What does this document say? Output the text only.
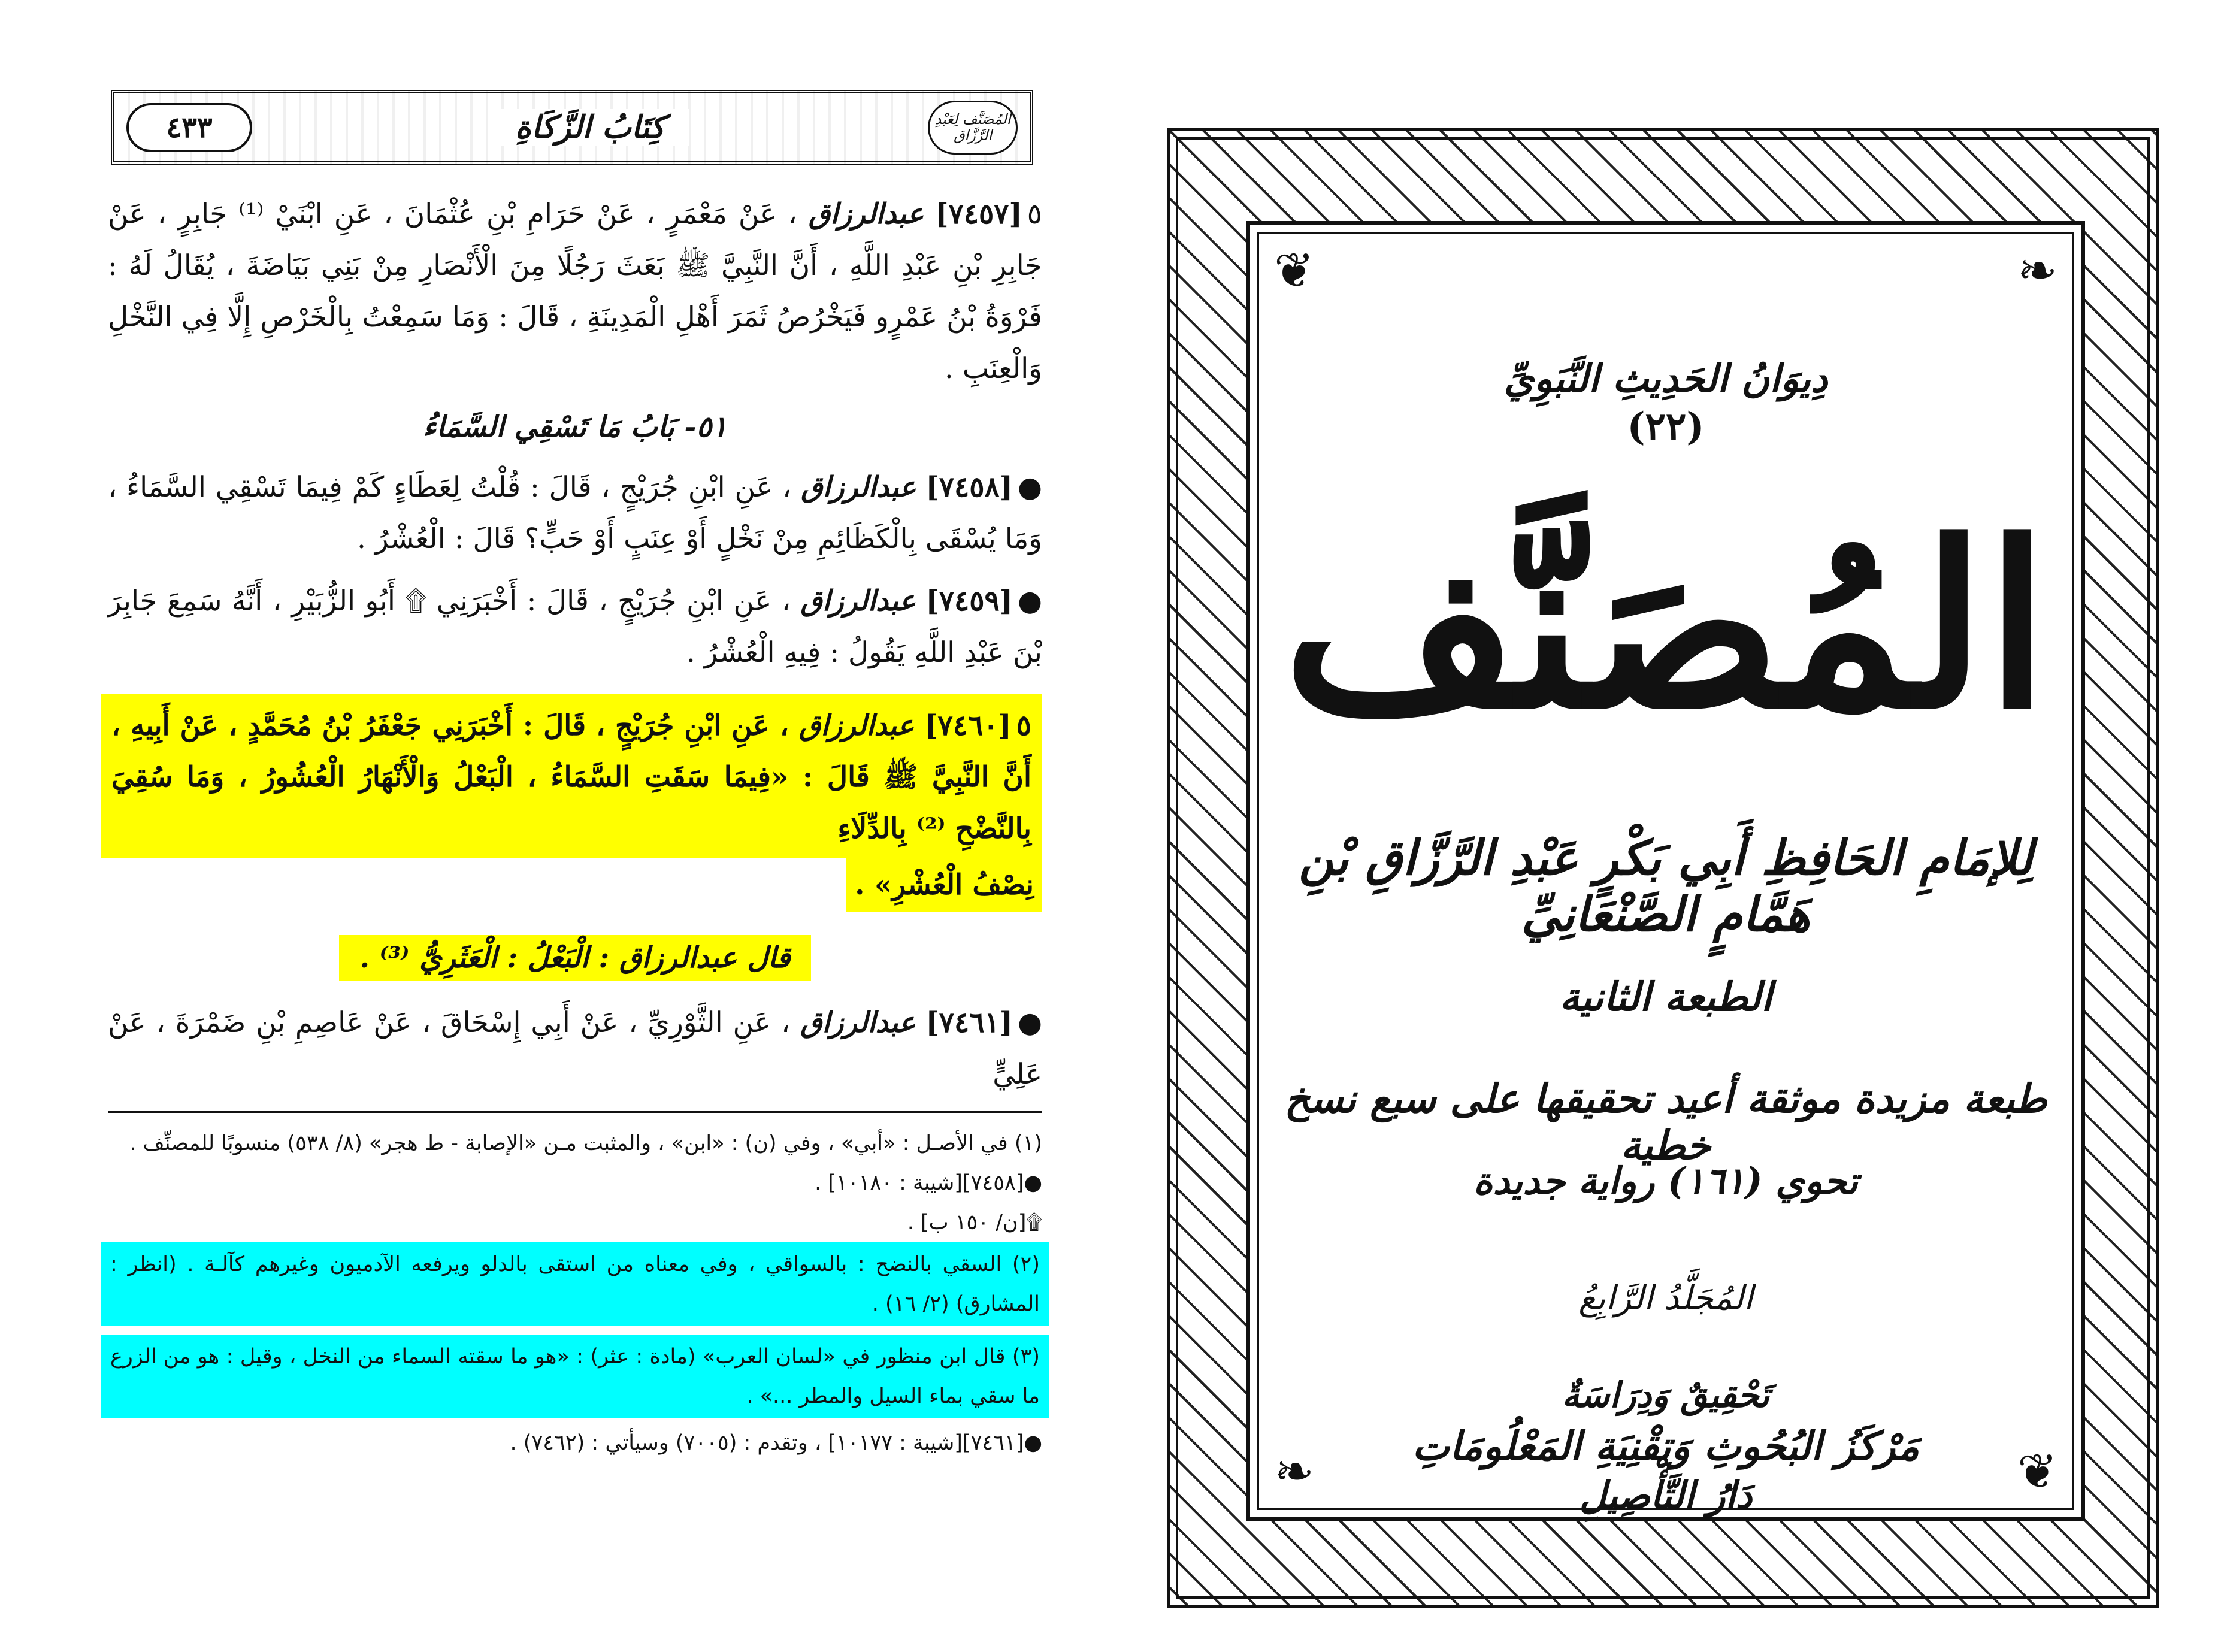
٤٣٣	كِتَابُ الزَّكَاةِ	المُصَنَّف لِعَبْدِ الرَّزَّاق

٥[٧٤٥٧] عبدالرزاق ، عَنْ مَعْمَرٍ ، عَنْ حَرَامِ بْنِ عُثْمَانَ ، عَنِ ابْنَيْ ⁽¹⁾ جَابِرٍ ، عَنْ جَابِرِ بْنِ عَبْدِ اللَّهِ ، أَنَّ النَّبِيَّ ﷺ بَعَثَ رَجُلًا مِنَ الْأَنْصَارِ مِنْ بَنِي بَيَاضَةَ ، يُقَالُ لَهُ : فَرْوَةُ بْنُ عَمْرٍو فَيَخْرُصُ ثَمَرَ أَهْلِ الْمَدِينَةِ ، قَالَ : وَمَا سَمِعْتُ بِالْخَرْصِ إِلَّا فِي النَّخْلِ وَالْعِنَبِ .

٥١- بَابُ مَا تَسْقِي السَّمَاءُ

●[٧٤٥٨] عبدالرزاق ، عَنِ ابْنِ جُرَيْجٍ ، قَالَ : قُلْتُ لِعَطَاءٍ كَمْ فِيمَا تَسْقِي السَّمَاءُ ، وَمَا يُسْقَى بِالْكَظَائِمِ مِنْ نَخْلٍ أَوْ عِنَبٍ أَوْ حَبٍّ؟ قَالَ : الْعُشْرُ .

●[٧٤٥٩] عبدالرزاق ، عَنِ ابْنِ جُرَيْجٍ ، قَالَ : أَخْبَرَنِي ۩ أَبُو الزُّبَيْرِ ، أَنَّهُ سَمِعَ جَابِرَ بْنَ عَبْدِ اللَّهِ يَقُولُ : فِيهِ الْعُشْرُ .

٥[٧٤٦٠] عبدالرزاق ، عَنِ ابْنِ جُرَيْجٍ ، قَالَ : أَخْبَرَنِي جَعْفَرُ بْنُ مُحَمَّدٍ ، عَنْ أَبِيهِ ، أَنَّ النَّبِيَّ ﷺ قَالَ : «فِيمَا سَقَتِ السَّمَاءُ ، الْبَعْلُ وَالْأَنْهَارُ الْعُشُورُ ، وَمَا سُقِيَ بِالنَّضْحِ ⁽²⁾ بِالدِّلَاءِ

نِصْفُ الْعُشْرِ» .
قال عبدالرزاق : الْبَعْلُ : الْعَثَرِيُّ ⁽³⁾ .

●[٧٤٦١] عبدالرزاق ، عَنِ الثَّوْرِيِّ ، عَنْ أَبِي إِسْحَاقَ ، عَنْ عَاصِمِ بْنِ ضَمْرَةَ ، عَنْ عَلِيٍّ

(١) في الأصـل : «أبي» ، وفي (ن) : «ابن» ، والمثبت مـن «الإصابة - ط هجر» (٨/ ٥٣٨) منسوبًا للمصنِّف .

●[٧٤٥٨][شيبة : ١٠١٨٠] .

۩[ن/ ١٥٠ ب] .

(٢) السقي بالنضح : بالسواقي ، وفي معناه من استقى بالدلو ويرفعه الآدميون وغيرهم كآلـة . (انظر : المشارق) (٢/ ١٦) .

(٣) قال ابن منظور في «لسان العرب» (مادة : عثر) : «هو ما سقته السماء من النخل ، وقيل : هو من الزرع ما سقي بماء السيل والمطر ...» .

●[٧٤٦١][شيبة : ١٠١٧٧] ، وتقدم : (٧٠٠٥) وسيأتي : (٧٤٦٢) .

❦	❧
دِيوَانُ الحَدِيثِ النَّبَوِيِّ
(٢٢)
المُصَنَّف
لِلإمَامِ الحَافِظِ أَبِي بَكْرٍ عَبْدِ الرَّزَّاقِ بْنِ هَمَّامٍ الصَّنْعَانِيِّ
الطبعة الثانية
طبعة مزيدة موثقة أعيد تحقيقها على سبع نسخ خطية
تحوي (١٦١) رواية جديدة
المُجَلَّدُ الرَّابِعُ
تَحْقِيقٌ وَدِرَاسَةٌ
مَرْكَزُ البُحُوثِ وَتِقْنِيَةِ المَعْلُومَاتِ
دَارُ التَّأْصِيلِ
❧	❦
